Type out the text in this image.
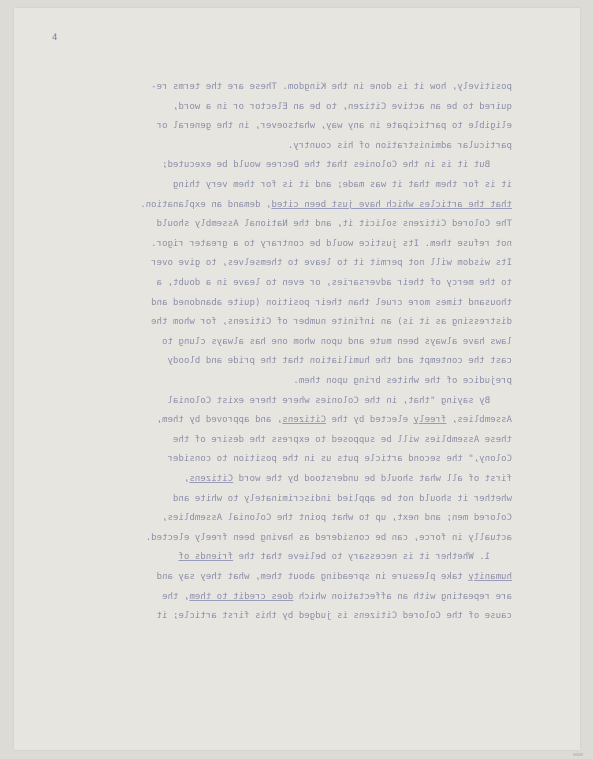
4
positively, how it is done in the Kingdom. These are the terms re-
quired to be an active Citizen, to be an Elector or in a word,
eligible to participate in any way, whatsoever, in the general or
particular administration of his country.
But it is in the Colonies that the Decree would be executed;
it is for them that it was made; and it is for them very thing
that the articles which have just been cited, demand an explanation.
The Colored Citizens solicit it, and the National Assembly should
not refuse them. Its justice would be contrary to a greater rigor.
Its wisdom will not permit it to leave to themselves, to give over
to the mercy of their adversaries, or even to leave in a doubt, a
thousand times more cruel than their position (quite abandoned and
distressing as it is) an infinite number of Citizens, for whom the
laws have always been mute and upon whom one has always clung to
cast the contempt and the humiliation that the pride and bloody
prejudice of the whites bring upon them.
By saying "that, in the Colonies where there exist Colonial
Assemblies, freely elected by the Citizens, and approved by them,
these Assemblies will be supposed to express the desire of the
Colony," the second article puts us in the position to consider
first of all what should be understood by the word Citizens,
whether it should not be applied indiscriminately to white and
Colored men; and next, up to what point the Colonial Assemblies,
actually in force, can be considered as having been freely elected.
1. Whether it is necessary to believe that the friends of
humanity take pleasure in spreading about them, what they say and
are repeating with an affectation which does credit to them, the
cause of the Colored Citizens is judged by this first article; it
